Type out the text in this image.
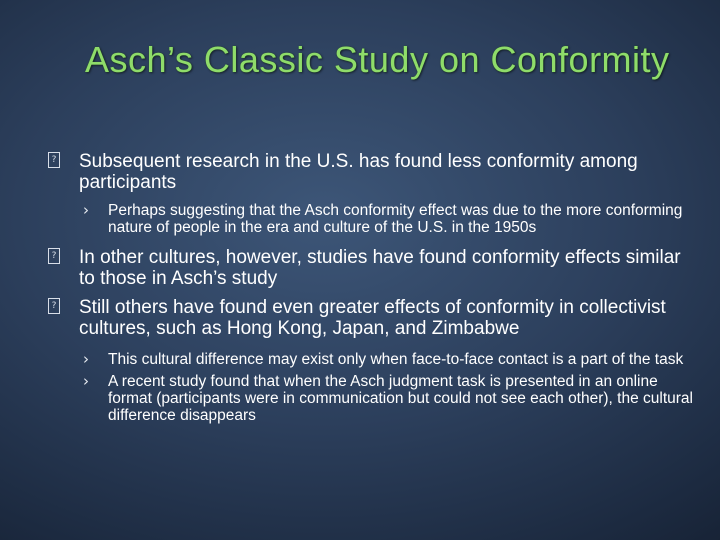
Asch’s Classic Study on Conformity
? Subsequent research in the U.S. has found less conformity among participants
› Perhaps suggesting that the Asch conformity effect was due to the more conforming nature of people in the era and culture of the U.S. in the 1950s
? In other cultures, however, studies have found conformity effects similar to those in Asch’s study
? Still others have found even greater effects of conformity in collectivist cultures, such as Hong Kong, Japan, and Zimbabwe
› This cultural difference may exist only when face-to-face contact is a part of the task
› A recent study found that when the Asch judgment task is presented in an online format (participants were in communication but could not see each other), the cultural difference disappears
